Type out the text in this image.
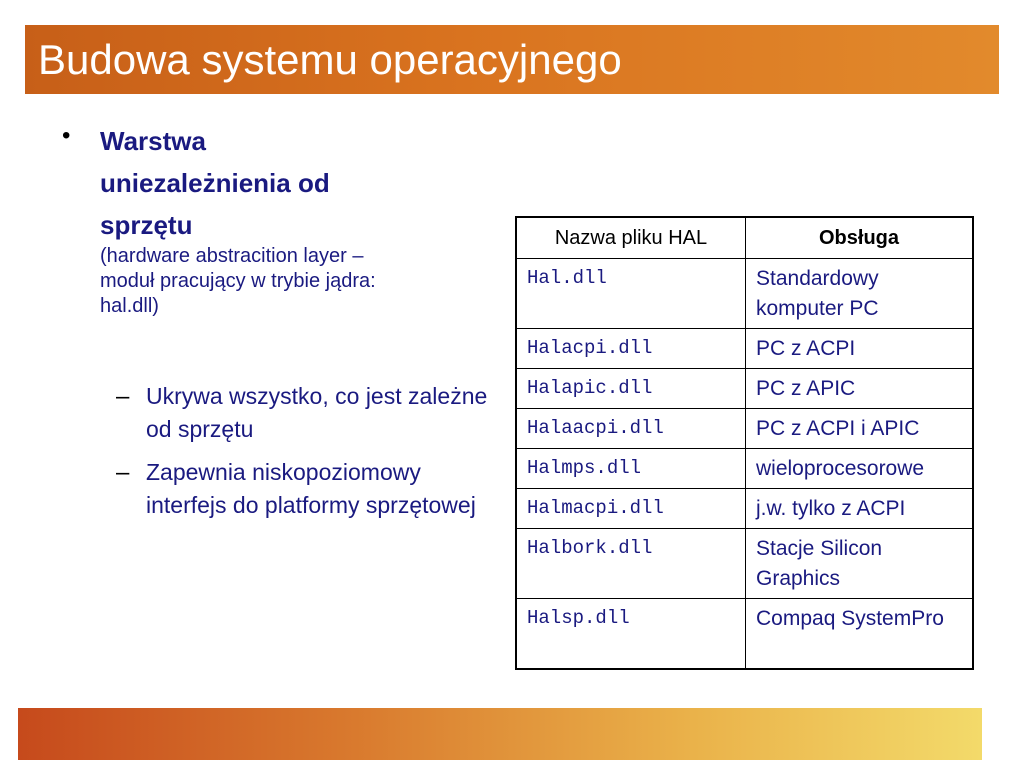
Budowa systemu operacyjnego
• Warstwa
uniezależnienia od
sprzętu
(hardware abstracition layer –
moduł pracujący w trybie jądra:
hal.dll)
– Ukrywa wszystko, co jest zależne od sprzętu
– Zapewnia niskopoziomowy interfejs do platformy sprzętowej
Nazwa pliku HAL	Obsługa
Hal.dll	Standardowy komputer PC
Halacpi.dll	PC z ACPI
Halapic.dll	PC z APIC
Halaacpi.dll	PC z ACPI i APIC
Halmps.dll	wieloprocesorowe
Halmacpi.dll	j.w. tylko z ACPI
Halbork.dll	Stacje Silicon Graphics
Halsp.dll	Compaq SystemPro
